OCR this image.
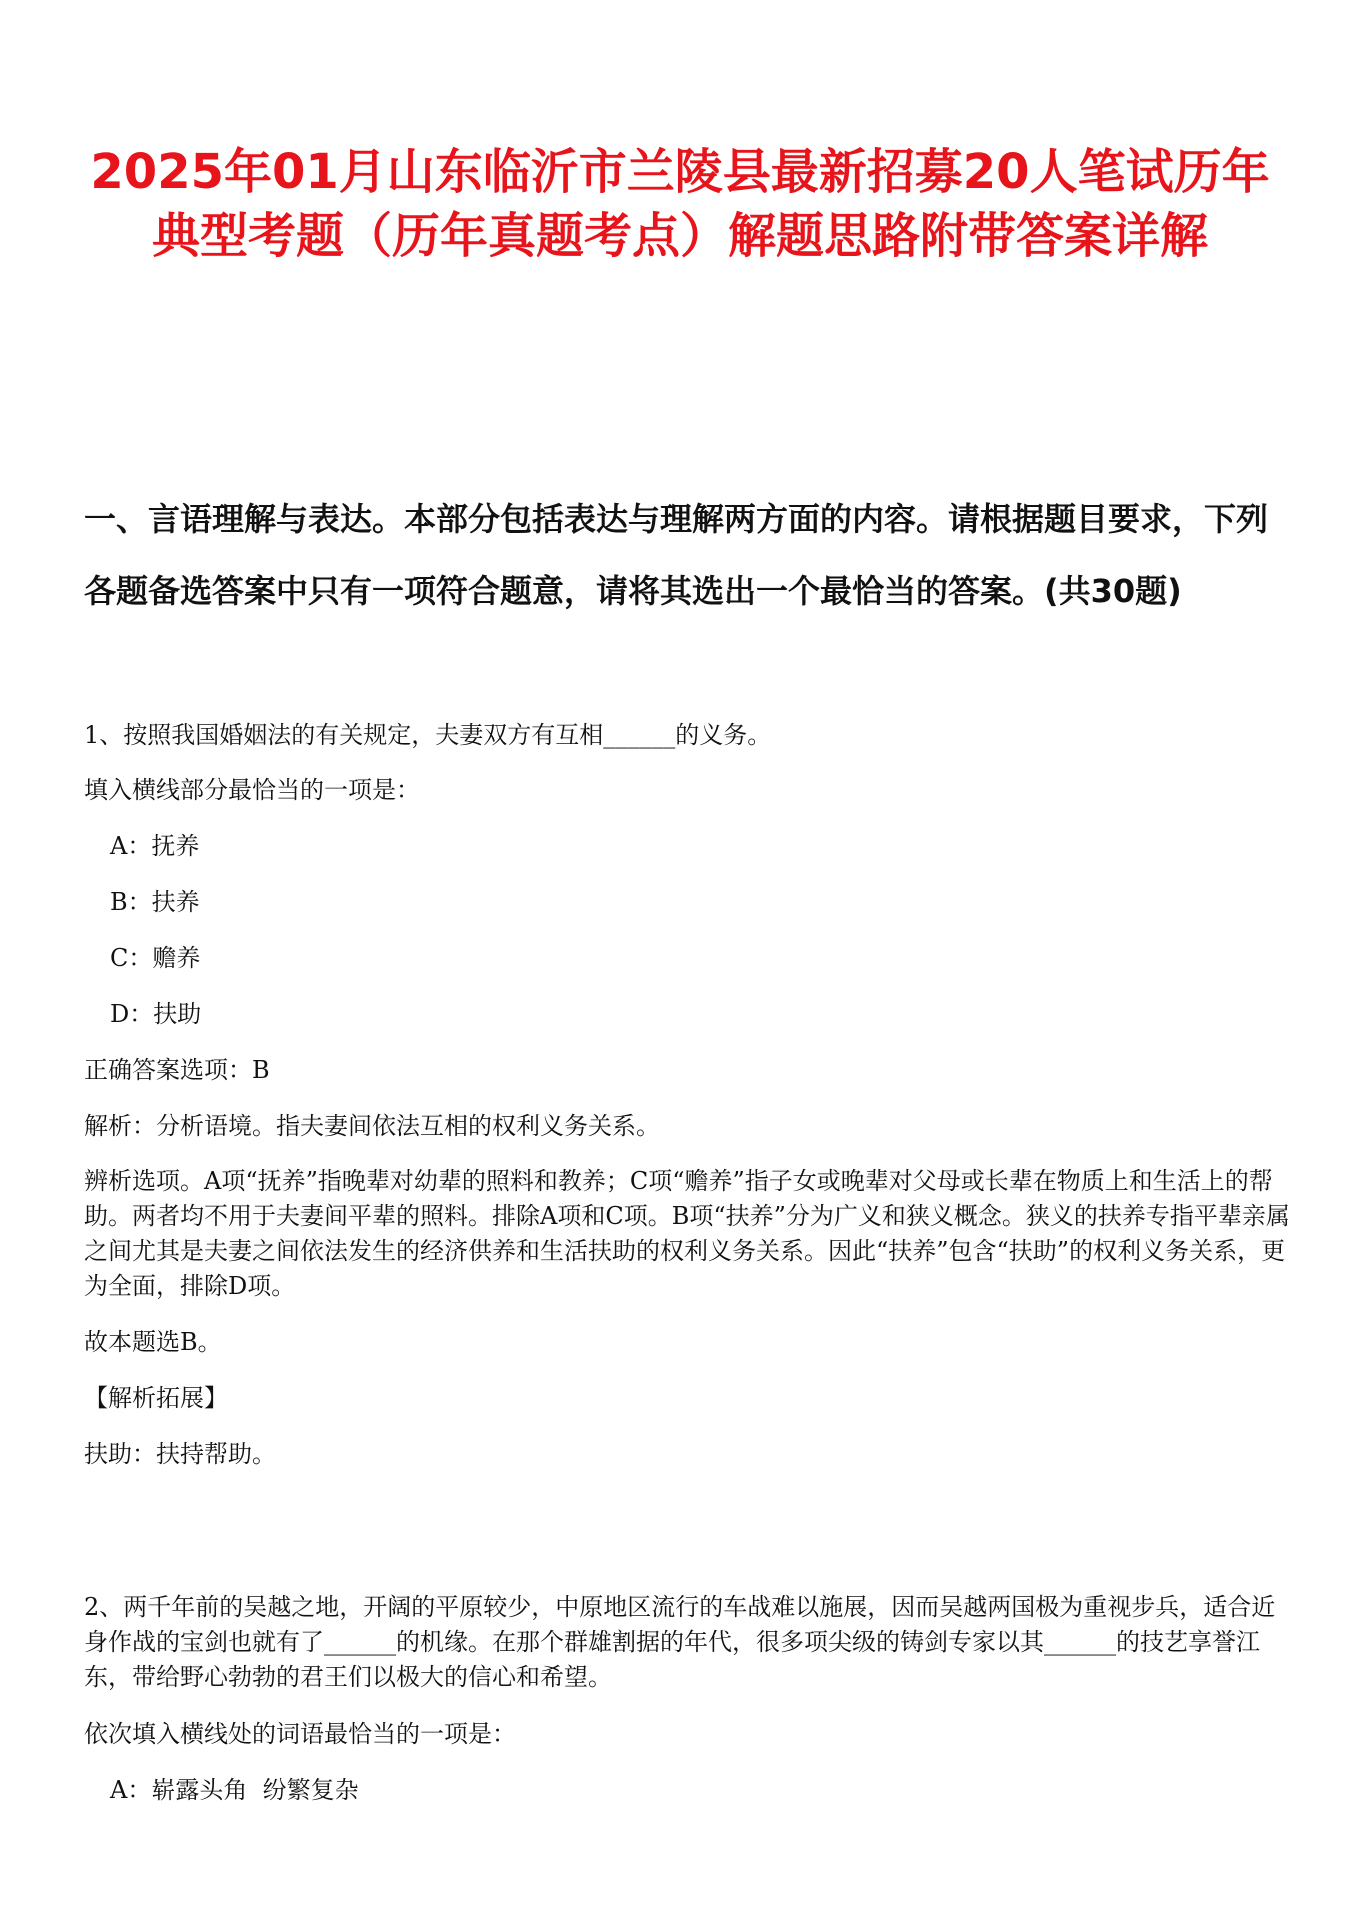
2025年01月山东临沂市兰陵县最新招募20人笔试历年典型考题（历年真题考点）解题思路附带答案详解
一、言语理解与表达。本部分包括表达与理解两方面的内容。请根据题目要求，下列各题备选答案中只有一项符合题意，请将其选出一个最恰当的答案。(共30题)

1、按照我国婚姻法的有关规定，夫妻双方有互相______的义务。

填入横线部分最恰当的一项是：

A：抚养

B：扶养

C：赡养

D：扶助

正确答案选项：B

解析：分析语境。指夫妻间依法互相的权利义务关系。

辨析选项。A项“抚养”指晚辈对幼辈的照料和教养；C项“赡养”指子女或晚辈对父母或长辈在物质上和生活上的帮助。两者均不用于夫妻间平辈的照料。排除A项和C项。B项“扶养”分为广义和狭义概念。狭义的扶养专指平辈亲属之间尤其是夫妻之间依法发生的经济供养和生活扶助的权利义务关系。因此“扶养”包含“扶助”的权利义务关系，更为全面，排除D项。

故本题选B。

【解析拓展】

扶助：扶持帮助。

2、两千年前的吴越之地，开阔的平原较少，中原地区流行的车战难以施展，因而吴越两国极为重视步兵，适合近身作战的宝剑也就有了______的机缘。在那个群雄割据的年代，很多项尖级的铸剑专家以其______的技艺享誉江东，带给野心勃勃的君王们以极大的信心和希望。

依次填入横线处的词语最恰当的一项是：

A：崭露头角  纷繁复杂
